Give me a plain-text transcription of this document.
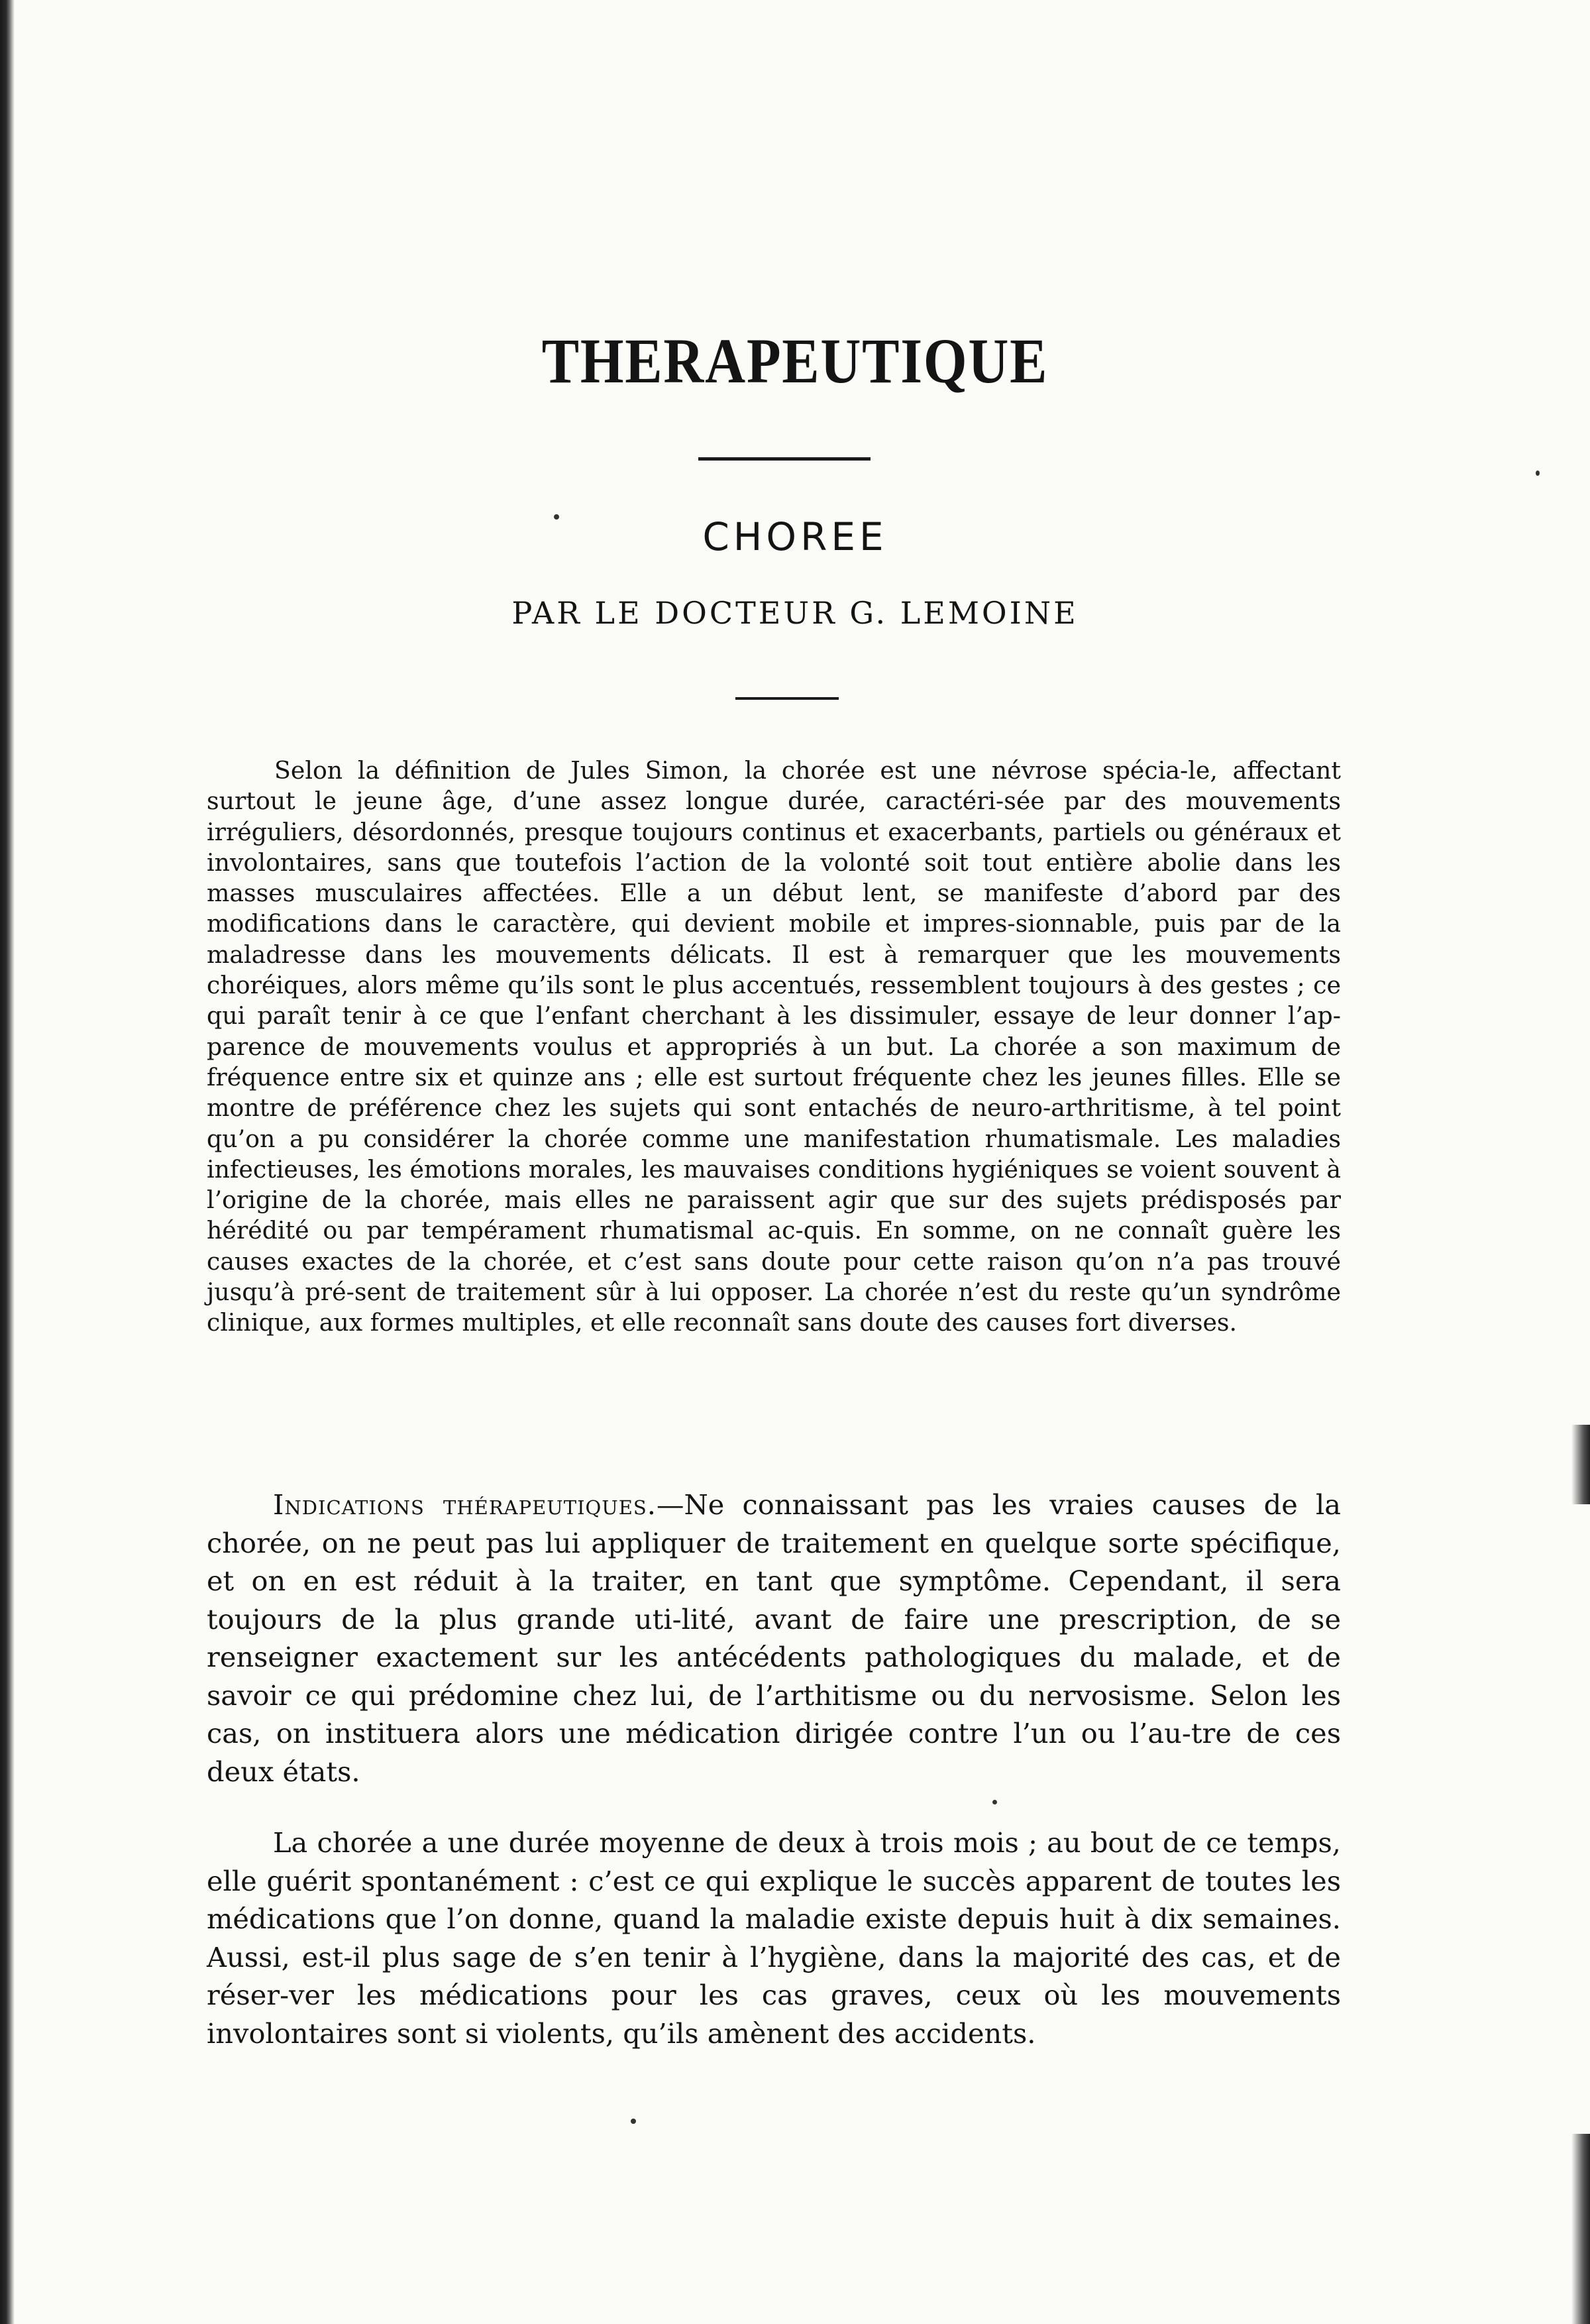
THERAPEUTIQUE
CHOREE

PAR LE DOCTEUR G. LEMOINE

Selon la définition de Jules Simon, la chorée est une névrose spécia-le, affectant surtout le jeune âge, d’une assez longue durée, caractéri-sée par des mouvements irréguliers, désordonnés, presque toujours continus et exacerbants, partiels ou généraux et involontaires, sans que toutefois l’action de la volonté soit tout entière abolie dans les masses musculaires affectées. Elle a un début lent, se manifeste d’abord par des modifications dans le caractère, qui devient mobile et impres-sionnable, puis par de la maladresse dans les mouvements délicats. Il est à remarquer que les mouvements choréiques, alors même qu’ils sont le plus accentués, ressemblent toujours à des gestes ; ce qui paraît tenir à ce que l’enfant cherchant à les dissimuler, essaye de leur donner l’ap-parence de mouvements voulus et appropriés à un but. La chorée a son maximum de fréquence entre six et quinze ans ; elle est surtout fréquente chez les jeunes filles. Elle se montre de préférence chez les sujets qui sont entachés de neuro-arthritisme, à tel point qu’on a pu considérer la chorée comme une manifestation rhumatismale. Les maladies infectieuses, les émotions morales, les mauvaises conditions hygiéniques se voient souvent à l’origine de la chorée, mais elles ne paraissent agir que sur des sujets prédisposés par hérédité ou par tempérament rhumatismal ac-quis. En somme, on ne connaît guère les causes exactes de la chorée, et c’est sans doute pour cette raison qu’on n’a pas trouvé jusqu’à pré-sent de traitement sûr à lui opposer. La chorée n’est du reste qu’un syndrôme clinique, aux formes multiples, et elle reconnaît sans doute des causes fort diverses.

Indications thérapeutiques.—Ne connaissant pas les vraies causes de la chorée, on ne peut pas lui appliquer de traitement en quelque sorte spécifique, et on en est réduit à la traiter, en tant que symptôme. Cependant, il sera toujours de la plus grande uti-lité, avant de faire une prescription, de se renseigner exactement sur les antécédents pathologiques du malade, et de savoir ce qui prédomine chez lui, de l’arthitisme ou du nervosisme. Selon les cas, on instituera alors une médication dirigée contre l’un ou l’au-tre de ces deux états.

La chorée a une durée moyenne de deux à trois mois ; au bout de ce temps, elle guérit spontanément : c’est ce qui explique le succès apparent de toutes les médications que l’on donne, quand la maladie existe depuis huit à dix semaines. Aussi, est-il plus sage de s’en tenir à l’hygiène, dans la majorité des cas, et de réser-ver les médications pour les cas graves, ceux où les mouvements involontaires sont si violents, qu’ils amènent des accidents.
